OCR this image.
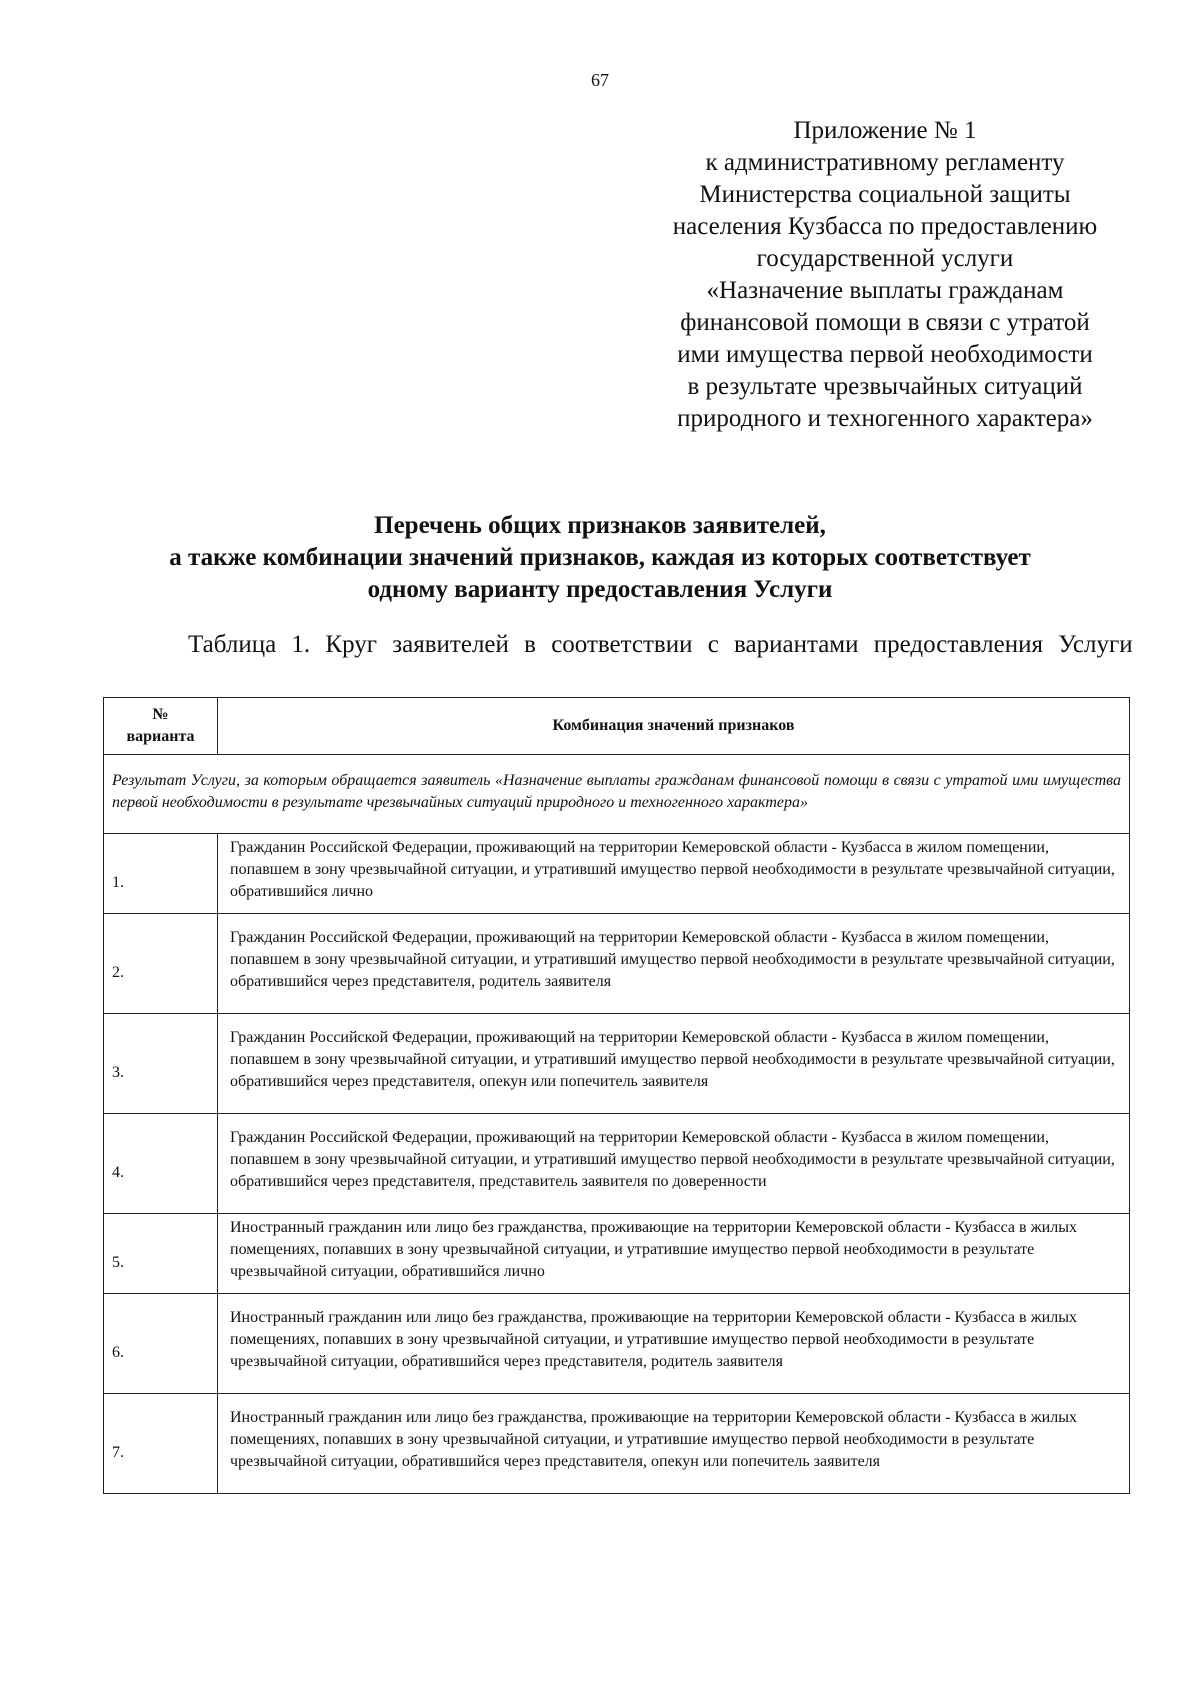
67
Приложение № 1
к административному регламенту
Министерства социальной защиты
населения Кузбасса по предоставлению
государственной услуги
«Назначение выплаты гражданам
финансовой помощи в связи с утратой
ими имущества первой необходимости
в результате чрезвычайных ситуаций
природного и техногенного характера»
Перечень общих признаков заявителей,
а также комбинации значений признаков, каждая из которых соответствует
одному варианту предоставления Услуги
Таблица 1. Круг заявителей в соответствии с вариантами предоставления Услуги
№
варианта	Комбинация значений признаков
Результат Услуги, за которым обращается заявитель «Назначение выплаты гражданам финансовой помощи в связи с утратой ими имущества первой необходимости в результате чрезвычайных ситуаций природного и техногенного характера»	
1.	Гражданин Российской Федерации, проживающий на территории Кемеровской области - Кузбасса в жилом помещении, попавшем в зону чрезвычайной ситуации, и утративший имущество первой необходимости в результате чрезвычайной ситуации, обратившийся лично
2.	Гражданин Российской Федерации, проживающий на территории Кемеровской области - Кузбасса в жилом помещении, попавшем в зону чрезвычайной ситуации, и утративший имущество первой необходимости в результате чрезвычайной ситуации, обратившийся через представителя, родитель заявителя
3.	Гражданин Российской Федерации, проживающий на территории Кемеровской области - Кузбасса в жилом помещении, попавшем в зону чрезвычайной ситуации, и утративший имущество первой необходимости в результате чрезвычайной ситуации, обратившийся через представителя, опекун или попечитель заявителя
4.	Гражданин Российской Федерации, проживающий на территории Кемеровской области - Кузбасса в жилом помещении, попавшем в зону чрезвычайной ситуации, и утративший имущество первой необходимости в результате чрезвычайной ситуации, обратившийся через представителя, представитель заявителя по доверенности
5.	Иностранный гражданин или лицо без гражданства, проживающие на территории Кемеровской области - Кузбасса в жилых помещениях, попавших в зону чрезвычайной ситуации, и утратившие имущество первой необходимости в результате чрезвычайной ситуации, обратившийся лично
6.	Иностранный гражданин или лицо без гражданства, проживающие на территории Кемеровской области - Кузбасса в жилых помещениях, попавших в зону чрезвычайной ситуации, и утратившие имущество первой необходимости в результате чрезвычайной ситуации, обратившийся через представителя, родитель заявителя
7.	Иностранный гражданин или лицо без гражданства, проживающие на территории Кемеровской области - Кузбасса в жилых помещениях, попавших в зону чрезвычайной ситуации, и утратившие имущество первой необходимости в результате чрезвычайной ситуации, обратившийся через представителя, опекун или попечитель заявителя
